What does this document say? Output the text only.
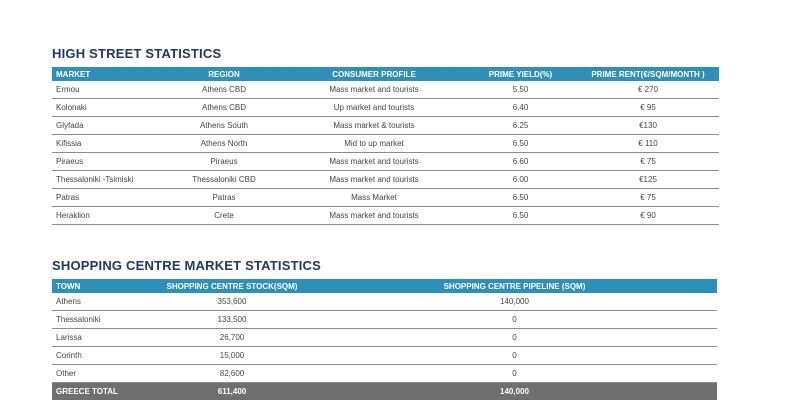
HIGH STREET STATISTICS
MARKET	REGION	CONSUMER PROFILE	PRIME YIELD(%)	PRIME RENT(€/SQM/MONTH )
Ermou	Athens CBD	Mass market and tourists	5.50	€ 270
Kolonaki	Athens CBD	Up market and tourists	6.40	€ 95
Glyfada	Athens South	Mass market & tourists	6.25	€130
Kifissia	Athens North	Mid to up market	6.50	€ 110
Piraeus	Piraeus	Mass market and tourists	6.60	€ 75
Thessaloniki -Tsimiski	Thessaloniki CBD	Mass market and tourists	6.00	€125
Patras	Patras	Mass Market	6.50	€ 75
Heraklion	Crete	Mass market and tourists	6.50	€ 90
SHOPPING CENTRE MARKET STATISTICS
TOWN	SHOPPING CENTRE STOCK(SQM)	SHOPPING CENTRE PIPELINE (SQM)
Athens	353,600	140,000
Thessaloniki	133,500	0
Larissa	26,700	0
Corinth	15,000	0
Other	82,600	0
GREECE TOTAL	611,400	140,000
